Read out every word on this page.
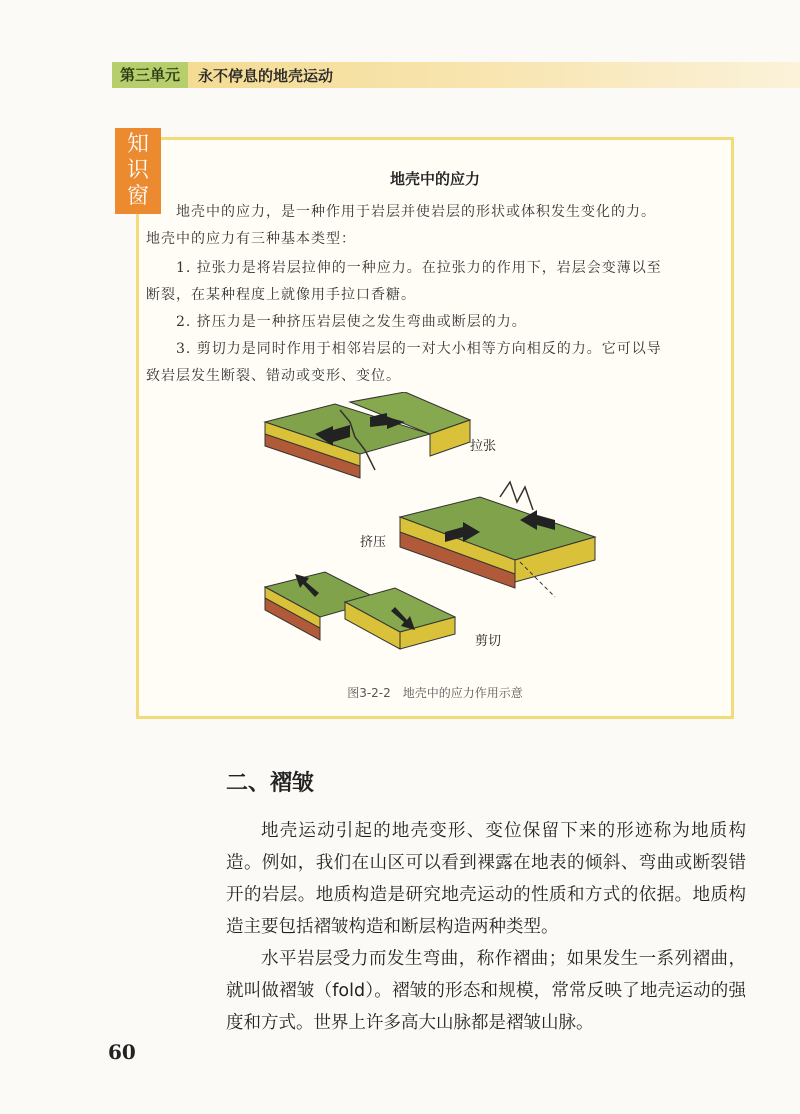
第三单元	永不停息的地壳运动
知
识
窗
地壳中的应力
地壳中的应力，是一种作用于岩层并使岩层的形状或体积发生变化的力。
地壳中的应力有三种基本类型：
1. 拉张力是将岩层拉伸的一种应力。在拉张力的作用下，岩层会变薄以至
断裂，在某种程度上就像用手拉口香糖。
2. 挤压力是一种挤压岩层使之发生弯曲或断层的力。
3. 剪切力是同时作用于相邻岩层的一对大小相等方向相反的力。它可以导
致岩层发生断裂、错动或变形、变位。
拉张
挤压
剪切
图3-2-2　地壳中的应力作用示意
二、褶皱

地壳运动引起的地壳变形、变位保留下来的形迹称为地质构造。例如，我们在山区可以看到裸露在地表的倾斜、弯曲或断裂错开的岩层。地质构造是研究地壳运动的性质和方式的依据。地质构造主要包括褶皱构造和断层构造两种类型。

水平岩层受力而发生弯曲，称作褶曲；如果发生一系列褶曲，就叫做褶皱（fold）。褶皱的形态和规模，常常反映了地壳运动的强度和方式。世界上许多高大山脉都是褶皱山脉。

60
